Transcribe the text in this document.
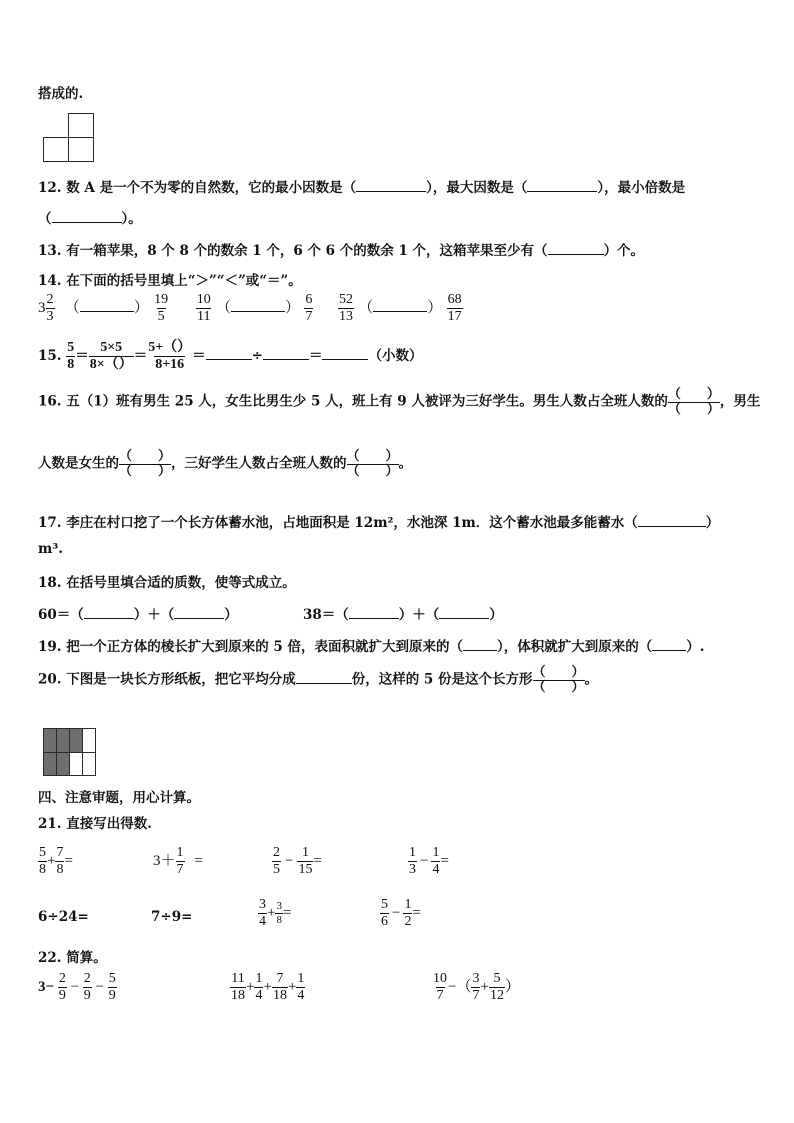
搭成的.
12. 数 A 是一个不为零的自然数，它的最小因数是（	），最大因数是（	），最小倍数是
（	）。
13. 有一箱苹果，8 个 8 个的数余 1 个，6 个 6 个的数余 1 个，这箱苹果至少有（	）个。
14. 在下面的括号里填上“＞”“＜”或“＝”。
$3 \frac{2}{3}$ （	） $\frac{19}{5}$
$\frac{10}{11}$ （	） $\frac{6}{7}$
$\frac{52}{13}$ （	） $\frac{68}{17}$
15. $\frac{5}{8} = \frac{5\times 5}{8\times()} = \frac{5+()}{8+16}$ ＝	÷	＝	（小数）
16. 五（1）班有男生 25 人，女生比男生少 5 人，班上有 9 人被评为三好学生。男生人数占全班人数的 （　　）
（　　） ，男生
人数是女生的 （　　）
（　　） ，三好学生人数占全班人数的 （　　）
（　　） 。
17. 李庄在村口挖了一个长方体蓄水池，占地面积是 12m²，水池深 1m．这个蓄水池最多能蓄水（	）
m³.
18. 在括号里填合适的质数，使等式成立。
60＝（	）＋（	）	38＝（	）＋（	）
19. 把一个正方体的棱长扩大到原来的 5 倍，表面积就扩大到原来的（	），体积就扩大到原来的（	）.
20. 下图是一块长方形纸板，把它平均分成	份，这样的 5 份是这个长方形 （　　）
（　　） 。
四、注意审题，用心计算。
21. 直接写出得数.
$\frac{5}{8} + \frac{7}{8}$ =	$3+ \frac{1}{7}$ =	$\frac{2}{5} - \frac{1}{15}$ =	$\frac{1}{3} - \frac{1}{4}$ =
6÷24=	7÷9=	$\frac{3}{4} + \frac{3}{8}$ =	$\frac{5}{6} - \frac{1}{2}$ =
22. 简算。
$3- \frac{2}{9} - \frac{2}{9} - \frac{5}{9}$	$\frac{11}{18} + \frac{1}{4} + \frac{7}{18} + \frac{1}{4}$	$\frac{10}{7}$ −（ $\frac{3}{7} + \frac{5}{12}$ ）
